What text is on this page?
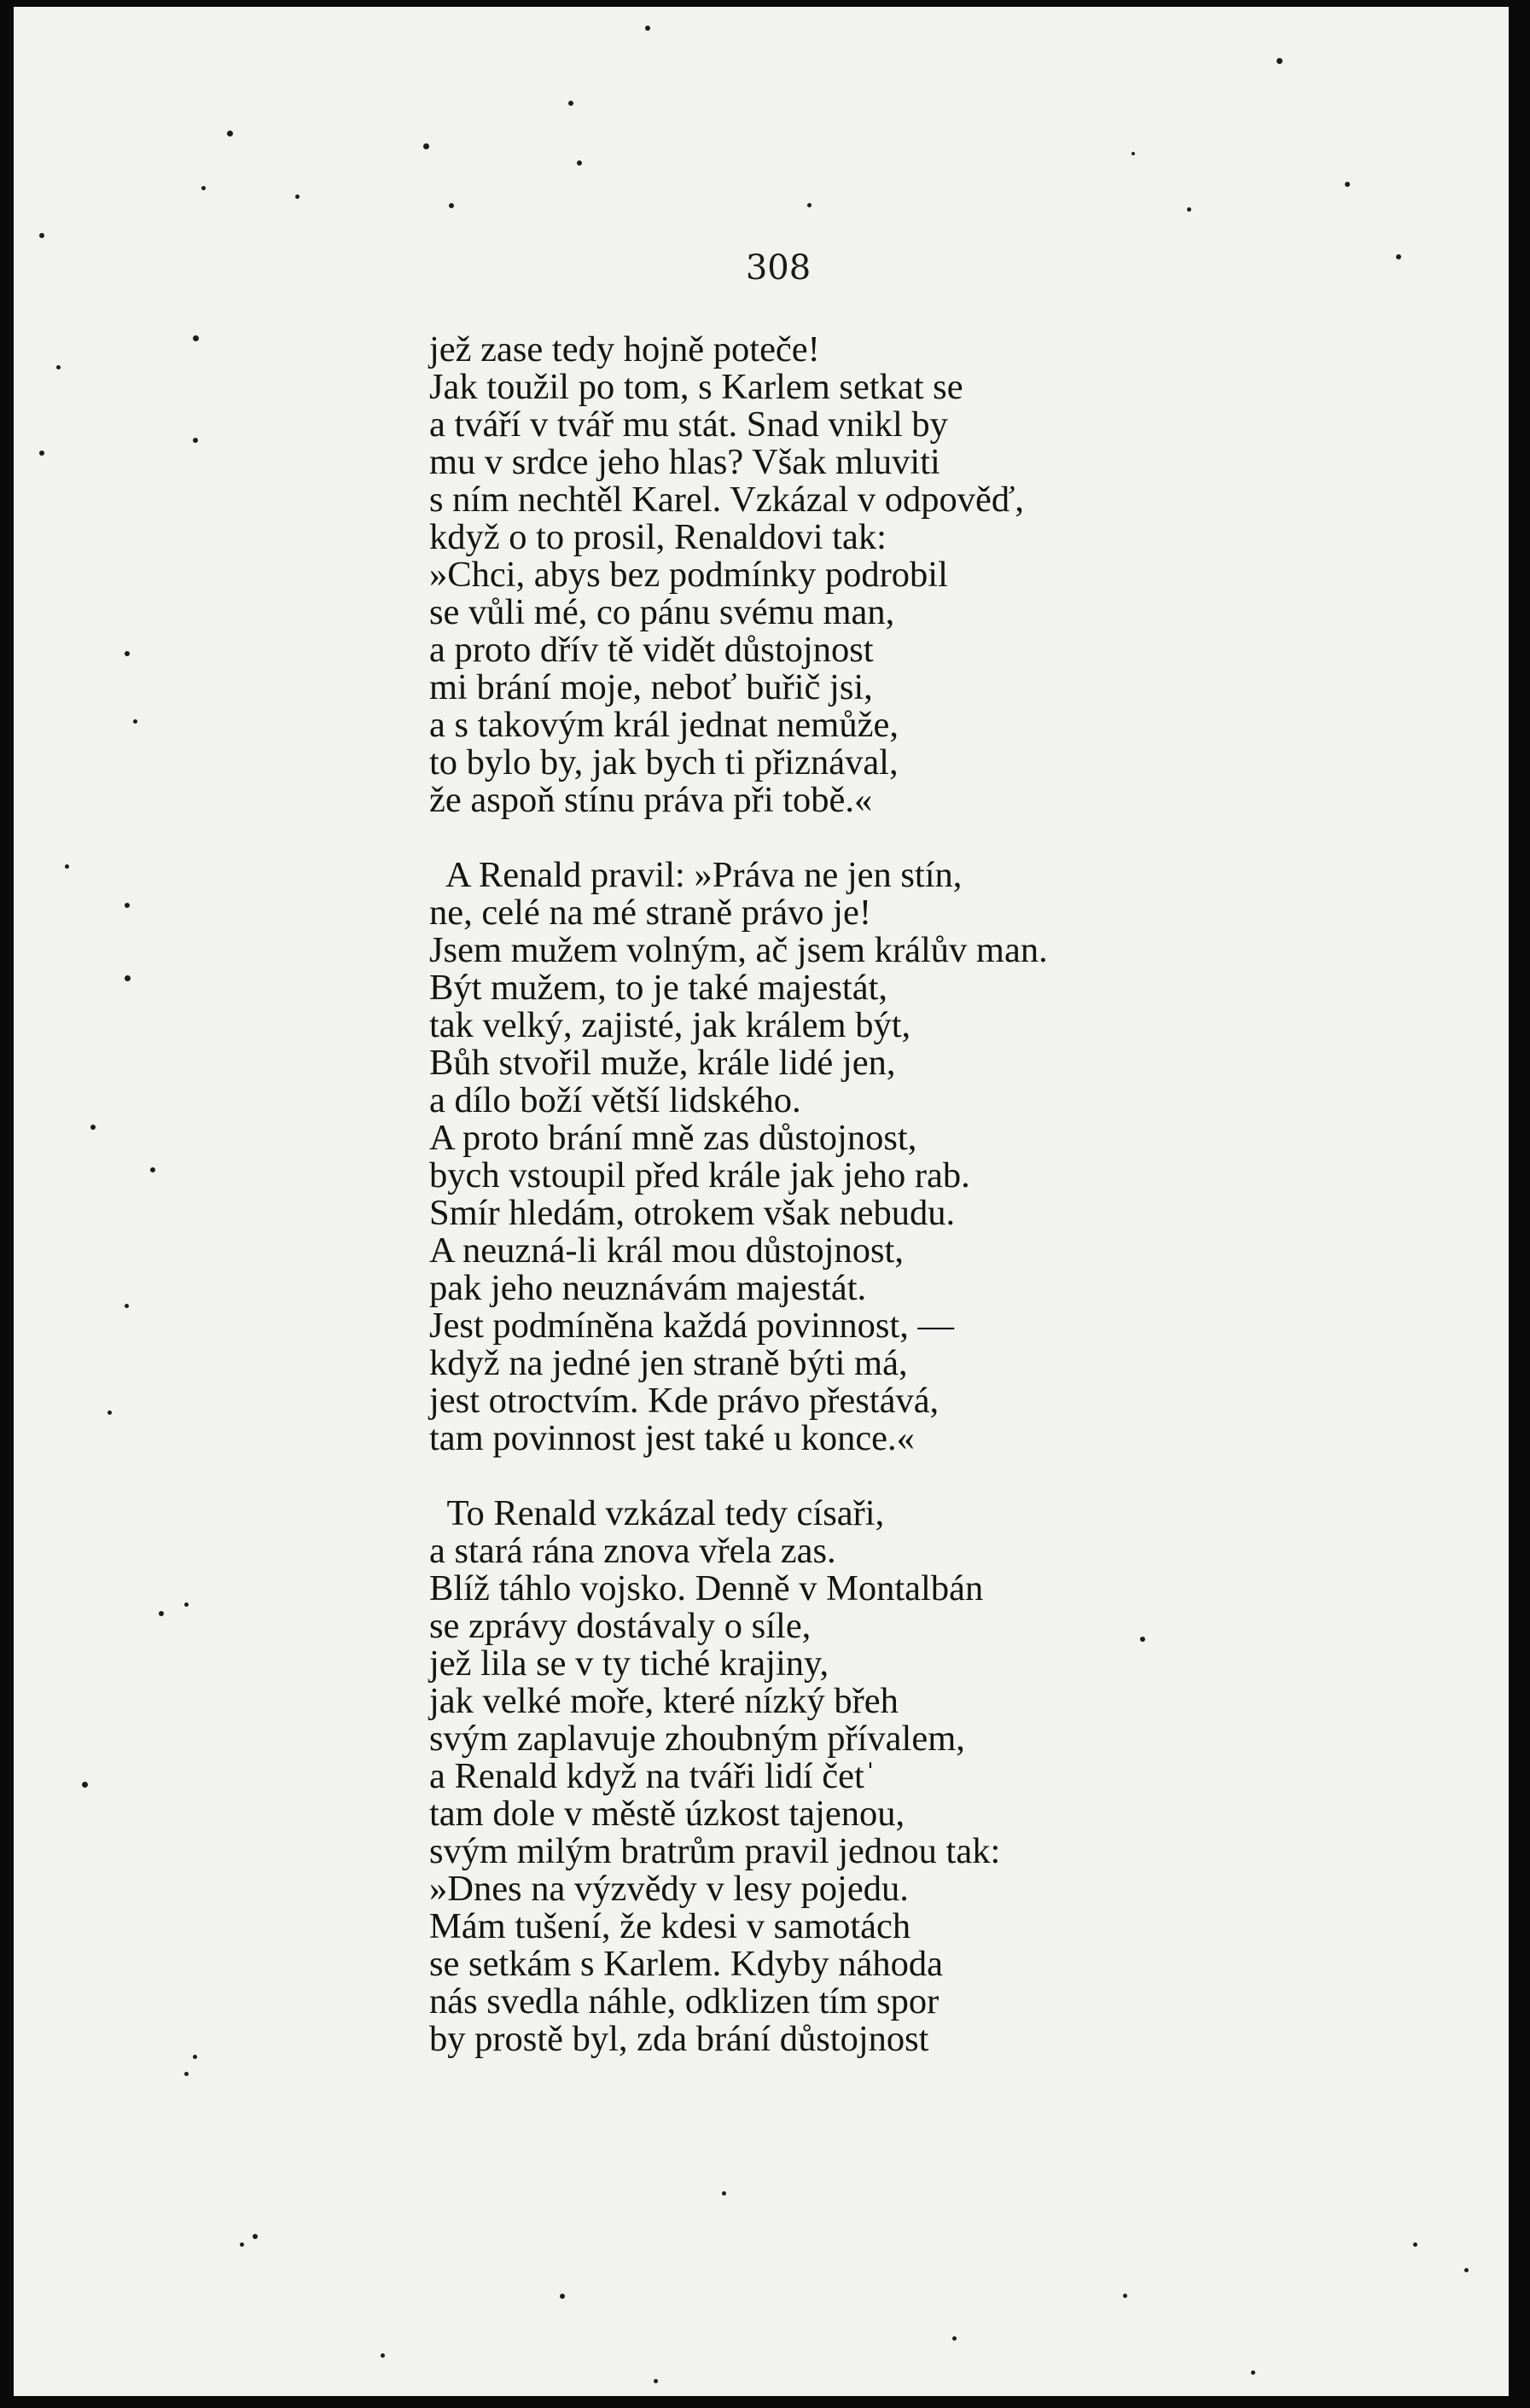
308
jež zase tedy hojně poteče!
Jak toužil po tom, s Karlem setkat se
a tváří v tvář mu stát. Snad vnikl by
mu v srdce jeho hlas? Však mluviti
s ním nechtěl Karel. Vzkázal v odpověď,
když o to prosil, Renaldovi tak:
»Chci, abys bez podmínky podrobil
se vůli mé, co pánu svému man,
a proto dřív tě vidět důstojnost
mi brání moje, neboť buřič jsi,
a s takovým král jednat nemůže,
to bylo by, jak bych ti přiznával,
že aspoň stínu práva při tobě.«
A Renald pravil: »Práva ne jen stín,
ne, celé na mé straně právo je!
Jsem mužem volným, ač jsem králův man.
Být mužem, to je také majestát,
tak velký, zajisté, jak králem být,
Bůh stvořil muže, krále lidé jen,
a dílo boží větší lidského.
A proto brání mně zas důstojnost,
bych vstoupil před krále jak jeho rab.
Smír hledám, otrokem však nebudu.
A neuzná-li král mou důstojnost,
pak jeho neuznávám majestát.
Jest podmíněna každá povinnost, —
když na jedné jen straně býti má,
jest otroctvím. Kde právo přestává,
tam povinnost jest také u konce.«
To Renald vzkázal tedy císaři,
a stará rána znova vřela zas.
Blíž táhlo vojsko. Denně v Montalbán
se zprávy dostávaly o síle,
jež lila se v ty tiché krajiny,
jak velké moře, které nízký břeh
svým zaplavuje zhoubným přívalem,
a Renald když na tváři lidí četˈ
tam dole v městě úzkost tajenou,
svým milým bratrům pravil jednou tak:
»Dnes na výzvědy v lesy pojedu.
Mám tušení, že kdesi v samotách
se setkám s Karlem. Kdyby náhoda
nás svedla náhle, odklizen tím spor
by prostě byl, zda brání důstojnost
